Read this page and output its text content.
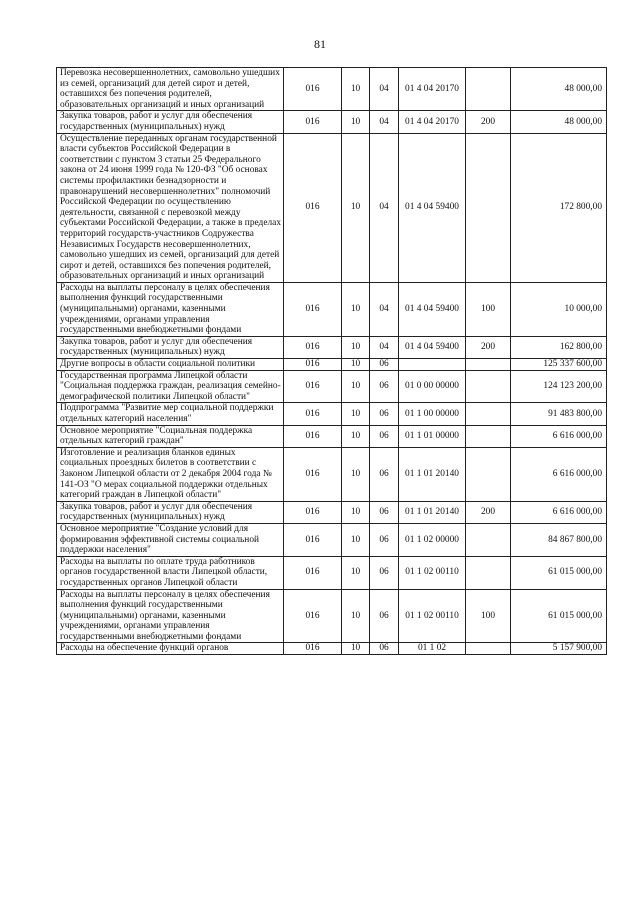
81
Перевозка несовершеннолетних, самовольно ушедших из семей, организаций для детей сирот и детей, оставшихся без попечения родителей, образовательных организаций и иных организаций	016	10	04	01 4 04 20170		48 000,00
Закупка товаров, работ и услуг для обеспечения государственных (муниципальных) нужд	016	10	04	01 4 04 20170	200	48 000,00
Осуществление переданных органам государственной власти субъектов Российской Федерации в соответствии с пунктом 3 статьи 25 Федерального закона от 24 июня 1999 года № 120-ФЗ "Об основах системы профилактики безнадзорности и правонарушений несовершеннолетних" полномочий Российской Федерации по осуществлению деятельности, связанной с перевозкой между субъектами Российской Федерации, а также в пределах территорий государств-участников Содружества Независимых Государств несовершеннолетних, самовольно ушедших из семей, организаций для детей сирот и детей, оставшихся без попечения родителей, образовательных организаций и иных организаций	016	10	04	01 4 04 59400		172 800,00
Расходы на выплаты персоналу в целях обеспечения выполнения функций государственными (муниципальными) органами, казенными учреждениями, органами управления государственными внебюджетными фондами	016	10	04	01 4 04 59400	100	10 000,00
Закупка товаров, работ и услуг для обеспечения государственных (муниципальных) нужд	016	10	04	01 4 04 59400	200	162 800,00
Другие вопросы в области социальной политики	016	10	06			125 337 600,00
Государственная программа Липецкой области "Социальная поддержка граждан, реализация семейно-демографической политики Липецкой области"	016	10	06	01 0 00 00000		124 123 200,00
Подпрограмма "Развитие мер социальной поддержки отдельных категорий населения"	016	10	06	01 1 00 00000		91 483 800,00
Основное мероприятие "Социальная поддержка отдельных категорий граждан"	016	10	06	01 1 01 00000		6 616 000,00
Изготовление и реализация бланков единых социальных проездных билетов в соответствии с Законом Липецкой области от 2 декабря 2004 года № 141-ОЗ "О мерах социальной поддержки отдельных категорий граждан в Липецкой области"	016	10	06	01 1 01 20140		6 616 000,00
Закупка товаров, работ и услуг для обеспечения государственных (муниципальных) нужд	016	10	06	01 1 01 20140	200	6 616 000,00
Основное мероприятие "Создание условий для формирования эффективной системы социальной поддержки населения"	016	10	06	01 1 02 00000		84 867 800,00
Расходы на выплаты по оплате труда работников органов государственной власти Липецкой области, государственных органов Липецкой области	016	10	06	01 1 02 00110		61 015 000,00
Расходы на выплаты персоналу в целях обеспечения выполнения функций государственными (муниципальными) органами, казенными учреждениями, органами управления государственными внебюджетными фондами	016	10	06	01 1 02 00110	100	61 015 000,00
Расходы на обеспечение функций органов	016	10	06	01 1 02		5 157 900,00
